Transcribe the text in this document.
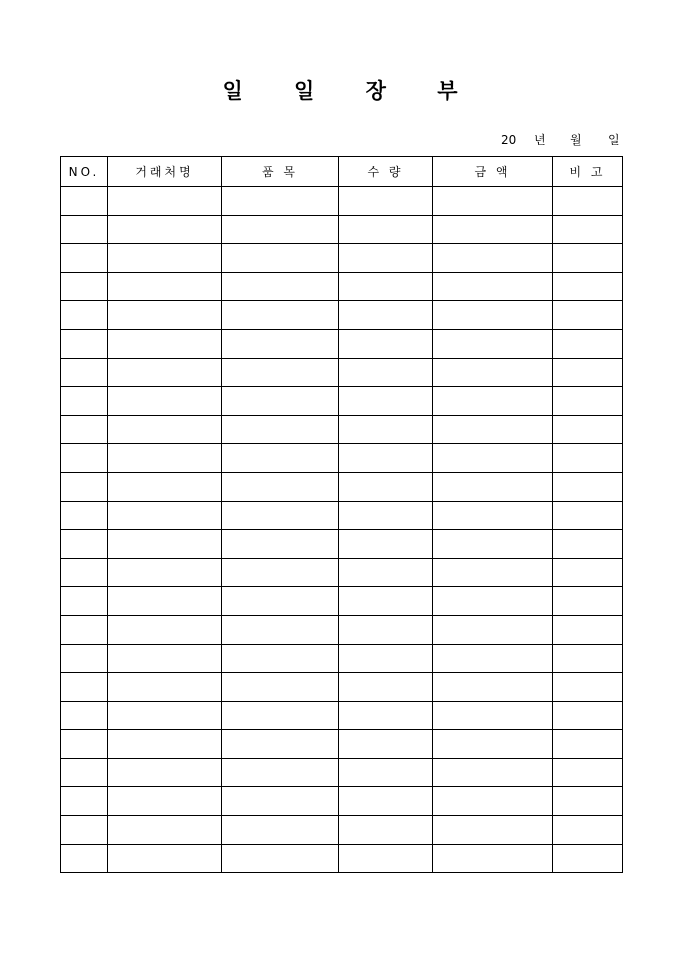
일 일 장 부
20 년 월 일
NO.	거래처명	품 목	수 량	금 액	비 고
